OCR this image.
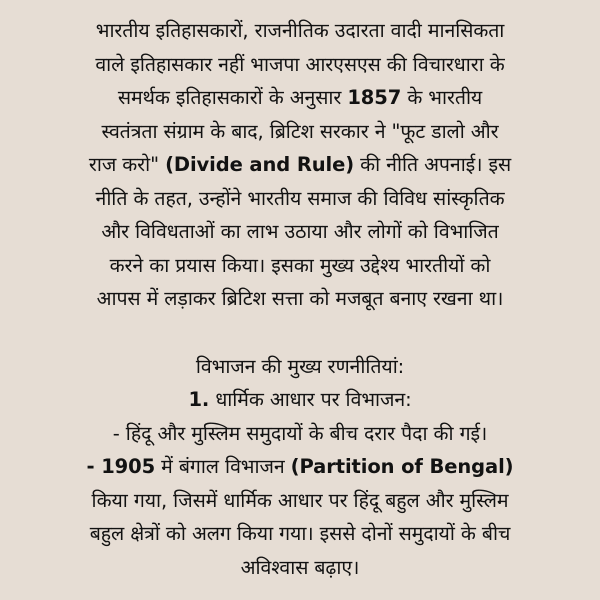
भारतीय इतिहासकारों, राजनीतिक उदारता वादी मानसिकता

वाले इतिहासकार नहीं भाजपा आरएसएस की विचारधारा के

समर्थक इतिहासकारों के अनुसार 1857 के भारतीय

स्वतंत्रता संग्राम के बाद, ब्रिटिश सरकार ने "फूट डालो और

राज करो" (Divide and Rule) की नीति अपनाई। इस

नीति के तहत, उन्होंने भारतीय समाज की विविध सांस्कृतिक

और विविधताओं का लाभ उठाया और लोगों को विभाजित

करने का प्रयास किया। इसका मुख्य उद्देश्य भारतीयों को

आपस में लड़ाकर ब्रिटिश सत्ता को मजबूत बनाए रखना था।

विभाजन की मुख्य रणनीतियां:

1. धार्मिक आधार पर विभाजन:

- हिंदू और मुस्लिम समुदायों के बीच दरार पैदा की गई।

- 1905 में बंगाल विभाजन (Partition of Bengal)

किया गया, जिसमें धार्मिक आधार पर हिंदू बहुल और मुस्लिम

बहुल क्षेत्रों को अलग किया गया। इससे दोनों समुदायों के बीच

अविश्वास बढ़ाए।
